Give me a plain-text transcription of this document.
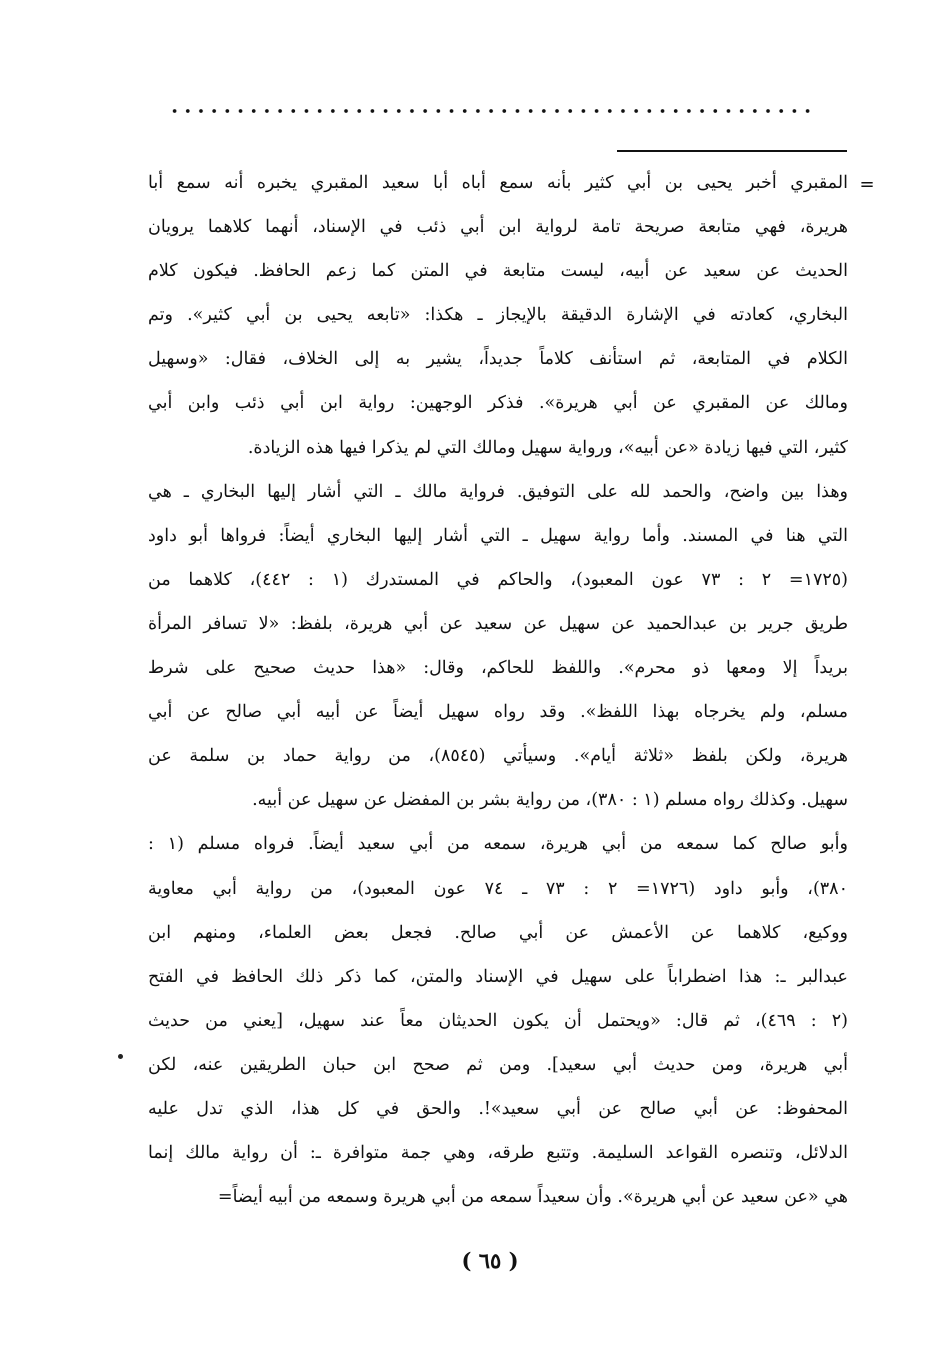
=
المقبري أخبر يحيى بن أبي كثير بأنه سمع أباه أبا سعيد المقبري يخبره أنه سمع أبا
هريرة، فهي متابعة صريحة تامة لرواية ابن أبي ذئب في الإسناد، أنهما كلاهما يرويان
الحديث عن سعيد عن أبيه، ليست متابعة في المتن كما زعم الحافظ. فيكون كلام
البخاري، كعادته في الإشارة الدقيقة بالإيجاز ـ هكذا: «تابعه يحيى بن أبي كثير». وتم
الكلام في المتابعة، ثم استأنف كلاماً جديداً، يشير به إلى الخلاف، فقال: «وسهيل
ومالك عن المقبري عن أبي هريرة». فذكر الوجهين: رواية ابن أبي ذئب وابن أبي
كثير، التي فيها زيادة «عن أبيه»، ورواية سهيل ومالك التي لم يذكرا فيها هذه الزيادة.
وهذا بين واضح، والحمد لله على التوفيق. فرواية مالك ـ التي أشار إليها البخاري ـ هي
التي هنا في المسند. وأما رواية سهيل ـ التي أشار إليها البخاري أيضاً: فرواها أبو داود
(١٧٢٥= ٢ : ٧٣ عون المعبود)، والحاكم في المستدرك (١ : ٤٤٢)، كلاهما من
طريق جرير بن عبدالحميد عن سهيل عن سعيد عن أبي هريرة، بلفظ: «لا تسافر المرأة
بريداً إلا ومعها ذو محرم». واللفظ للحاكم، وقال: «هذا حديث صحيح على شرط
مسلم، ولم يخرجاه بهذا اللفظ». وقد رواه سهيل أيضاً عن أبيه أبي صالح عن أبي
هريرة، ولكن بلفظ «ثلاثة أيام». وسيأتي (٨٥٤٥)، من رواية حماد بن سلمة عن
سهيل. وكذلك رواه مسلم (١ : ٣٨٠)، من رواية بشر بن المفضل عن سهيل عن أبيه.
وأبو صالح كما سمعه من أبي هريرة، سمعه من أبي سعيد أيضاً. فرواه مسلم (١ :
٣٨٠)، وأبو داود (١٧٢٦= ٢ : ٧٣ ـ ٧٤ عون المعبود)، من رواية أبي معاوية
ووكيع، كلاهما عن الأعمش عن أبي صالح. فجعل بعض العلماء، ومنهم ابن
عبدالبر ـ: هذا اضطراباً على سهيل في الإسناد والمتن، كما ذكر ذلك الحافظ في الفتح
(٢ : ٤٦٩)، ثم قال: «ويحتمل أن يكون الحديثان معاً عند سهيل، [يعني من حديث
أبي هريرة، ومن حديث أبي سعيد]. ومن ثم صحح ابن حبان الطريقين عنه، لكن
المحفوظ: عن أبي صالح عن أبي سعيد»!. والحق في كل هذا، الذي تدل عليه
الدلائل، وتنصره القواعد السليمة. وتتبع طرقه، وهي جمة متوافرة ـ: أن رواية مالك إنما
هي «عن سعيد عن أبي هريرة». وأن سعيداً سمعه من أبي هريرة وسمعه من أبيه أيضاً=
( ٦٥ )
